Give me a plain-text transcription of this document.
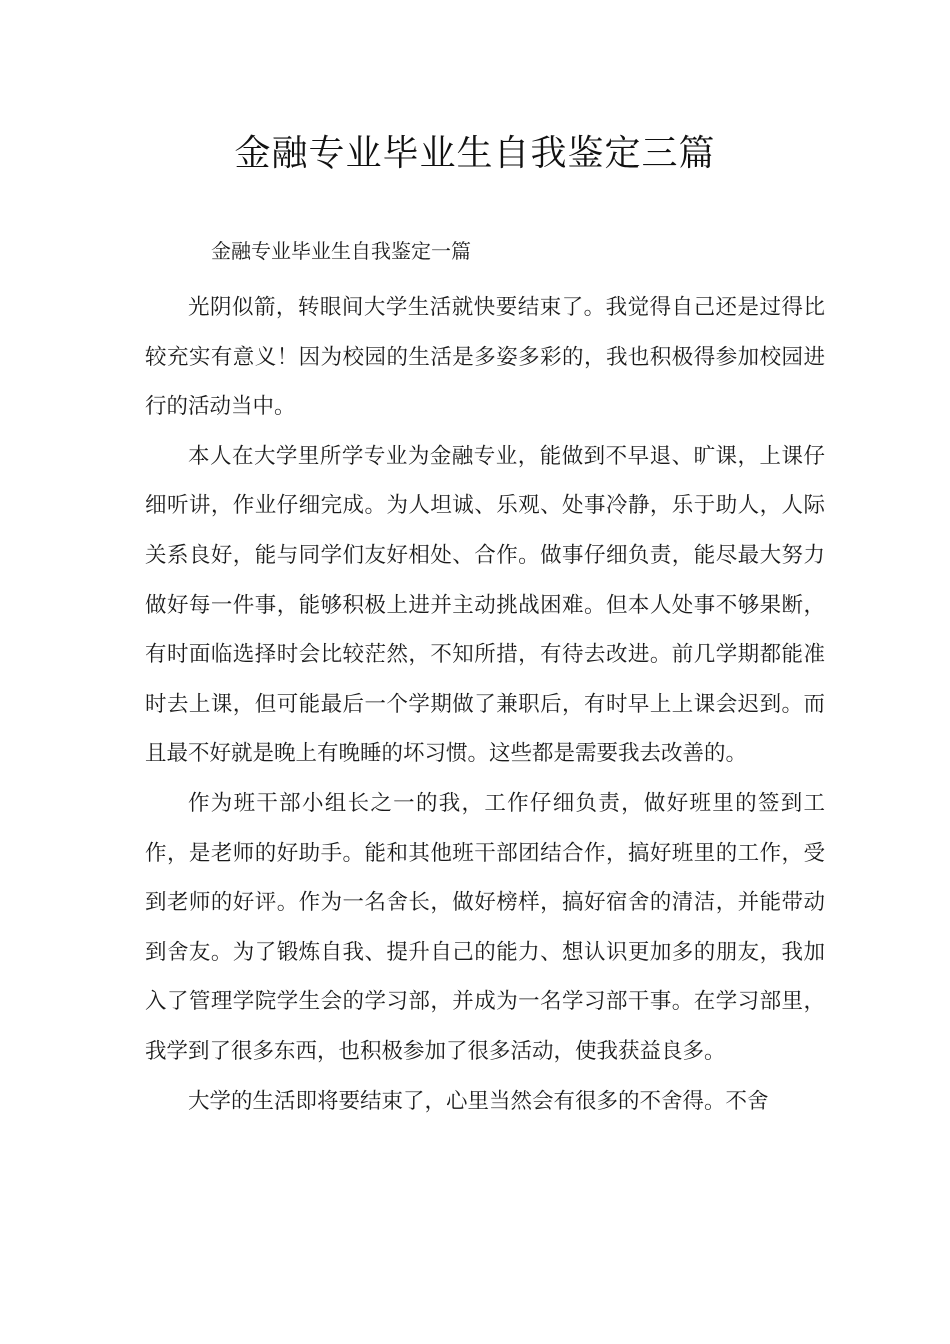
金融专业毕业生自我鉴定三篇

金融专业毕业生自我鉴定一篇

光阴似箭，转眼间大学生活就快要结束了。我觉得自己还是过得比较充实有意义！因为校园的生活是多姿多彩的，我也积极得参加校园进行的活动当中。

本人在大学里所学专业为金融专业，能做到不早退、旷课，上课仔细听讲，作业仔细完成。为人坦诚、乐观、处事冷静，乐于助人，人际关系良好，能与同学们友好相处、合作。做事仔细负责，能尽最大努力做好每一件事，能够积极上进并主动挑战困难。但本人处事不够果断，有时面临选择时会比较茫然，不知所措，有待去改进。前几学期都能准时去上课，但可能最后一个学期做了兼职后，有时早上上课会迟到。而且最不好就是晚上有晚睡的坏习惯。这些都是需要我去改善的。

作为班干部小组长之一的我，工作仔细负责，做好班里的签到工作，是老师的好助手。能和其他班干部团结合作，搞好班里的工作，受到老师的好评。作为一名舍长，做好榜样，搞好宿舍的清洁，并能带动到舍友。为了锻炼自我、提升自己的能力、想认识更加多的朋友，我加入了管理学院学生会的学习部，并成为一名学习部干事。在学习部里，我学到了很多东西，也积极参加了很多活动，使我获益良多。

大学的生活即将要结束了，心里当然会有很多的不舍得。不舍
